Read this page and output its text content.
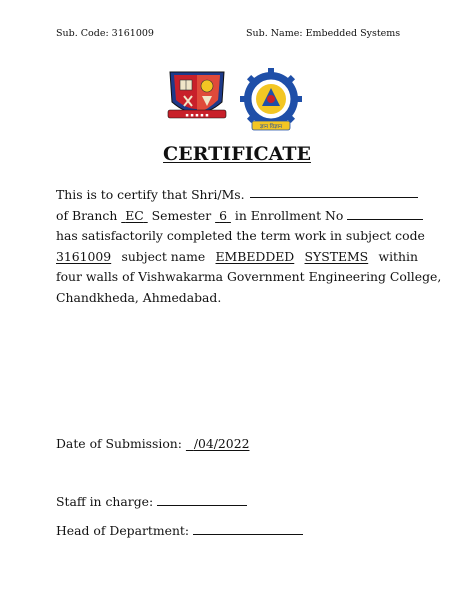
Sub. Code: 3161009	Sub. Name: Embedded Systems
▪ ▪ ▪ ▪ ▪
ज्ञान विज्ञान
CERTIFICATE
This is to certify that Shri/Ms.
of Branch EC Semester 6 in Enrollment No
has satisfactorily completed the term work in subject code
3161009 subject name EMBEDDED SYSTEMS within
four walls of Vishwakarma Government Engineering College,
Chandkheda, Ahmedabad.
Date of Submission: /04/2022
Staff in charge:
Head of Department:
